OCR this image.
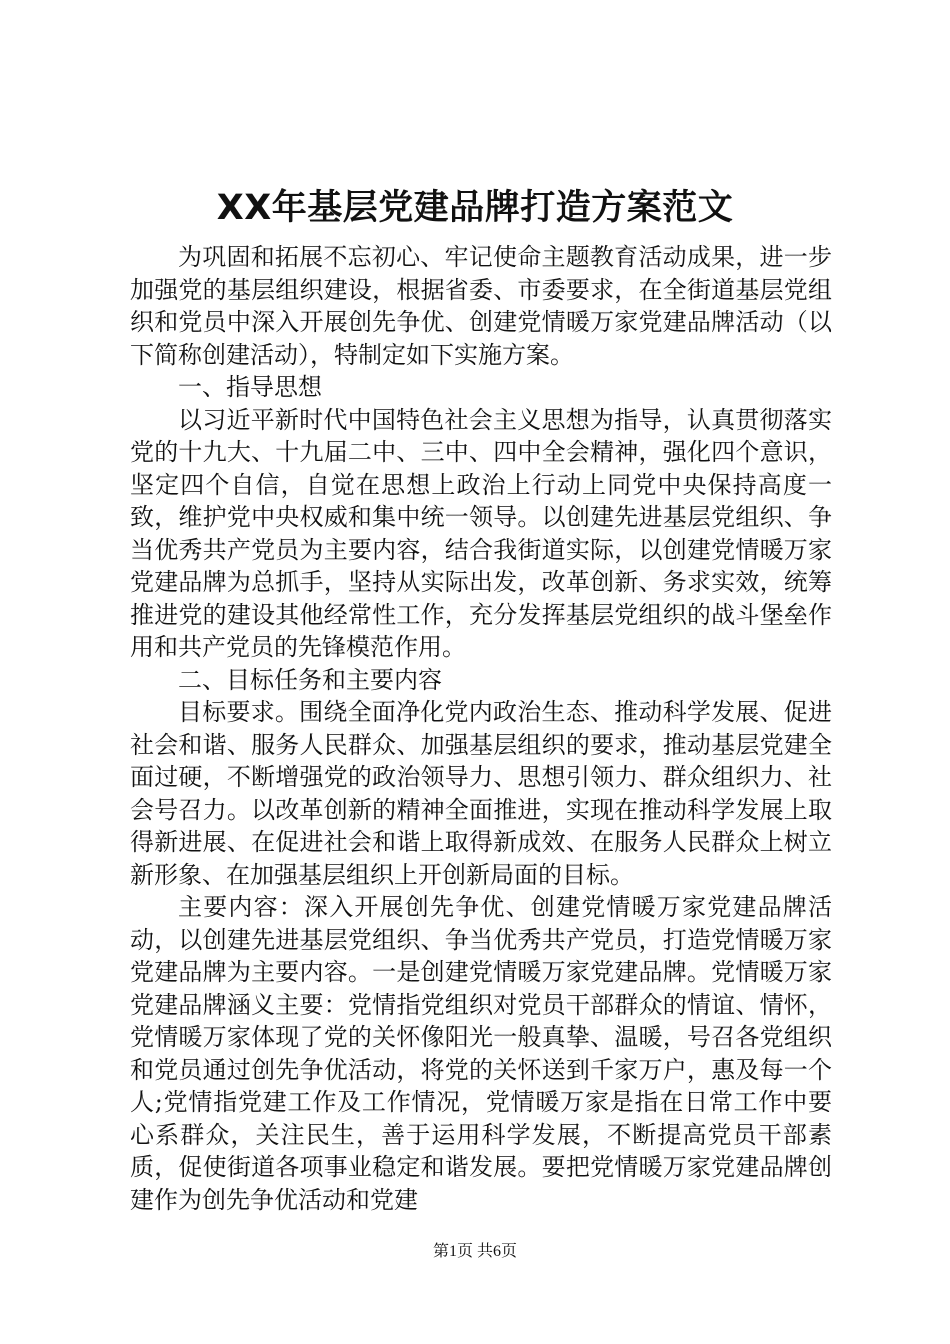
XX年基层党建品牌打造方案范文

为巩固和拓展不忘初心、牢记使命主题教育活动成果，进一步加强党的基层组织建设，根据省委、市委要求，在全街道基层党组织和党员中深入开展创先争优、创建党情暖万家党建品牌活动（以下简称创建活动），特制定如下实施方案。

一、指导思想

以习近平新时代中国特色社会主义思想为指导，认真贯彻落实党的十九大、十九届二中、三中、四中全会精神，强化四个意识，坚定四个自信，自觉在思想上政治上行动上同党中央保持高度一致，维护党中央权威和集中统一领导。以创建先进基层党组织、争当优秀共产党员为主要内容，结合我街道实际，以创建党情暖万家党建品牌为总抓手，坚持从实际出发，改革创新、务求实效，统筹推进党的建设其他经常性工作，充分发挥基层党组织的战斗堡垒作用和共产党员的先锋模范作用。

二、目标任务和主要内容

目标要求。围绕全面净化党内政治生态、推动科学发展、促进社会和谐、服务人民群众、加强基层组织的要求，推动基层党建全面过硬，不断增强党的政治领导力、思想引领力、群众组织力、社会号召力。以改革创新的精神全面推进，实现在推动科学发展上取得新进展、在促进社会和谐上取得新成效、在服务人民群众上树立新形象、在加强基层组织上开创新局面的目标。

主要内容：深入开展创先争优、创建党情暖万家党建品牌活动，以创建先进基层党组织、争当优秀共产党员，打造党情暖万家党建品牌为主要内容。一是创建党情暖万家党建品牌。党情暖万家党建品牌涵义主要：党情指党组织对党员干部群众的情谊、情怀，党情暖万家体现了党的关怀像阳光一般真挚、温暖，号召各党组织和党员通过创先争优活动，将党的关怀送到千家万户，惠及每一个人;党情指党建工作及工作情况，党情暖万家是指在日常工作中要心系群众，关注民生，善于运用科学发展，不断提高党员干部素质，促使街道各项事业稳定和谐发展。要把党情暖万家党建品牌创建作为创先争优活动和党建

第1页 共6页
